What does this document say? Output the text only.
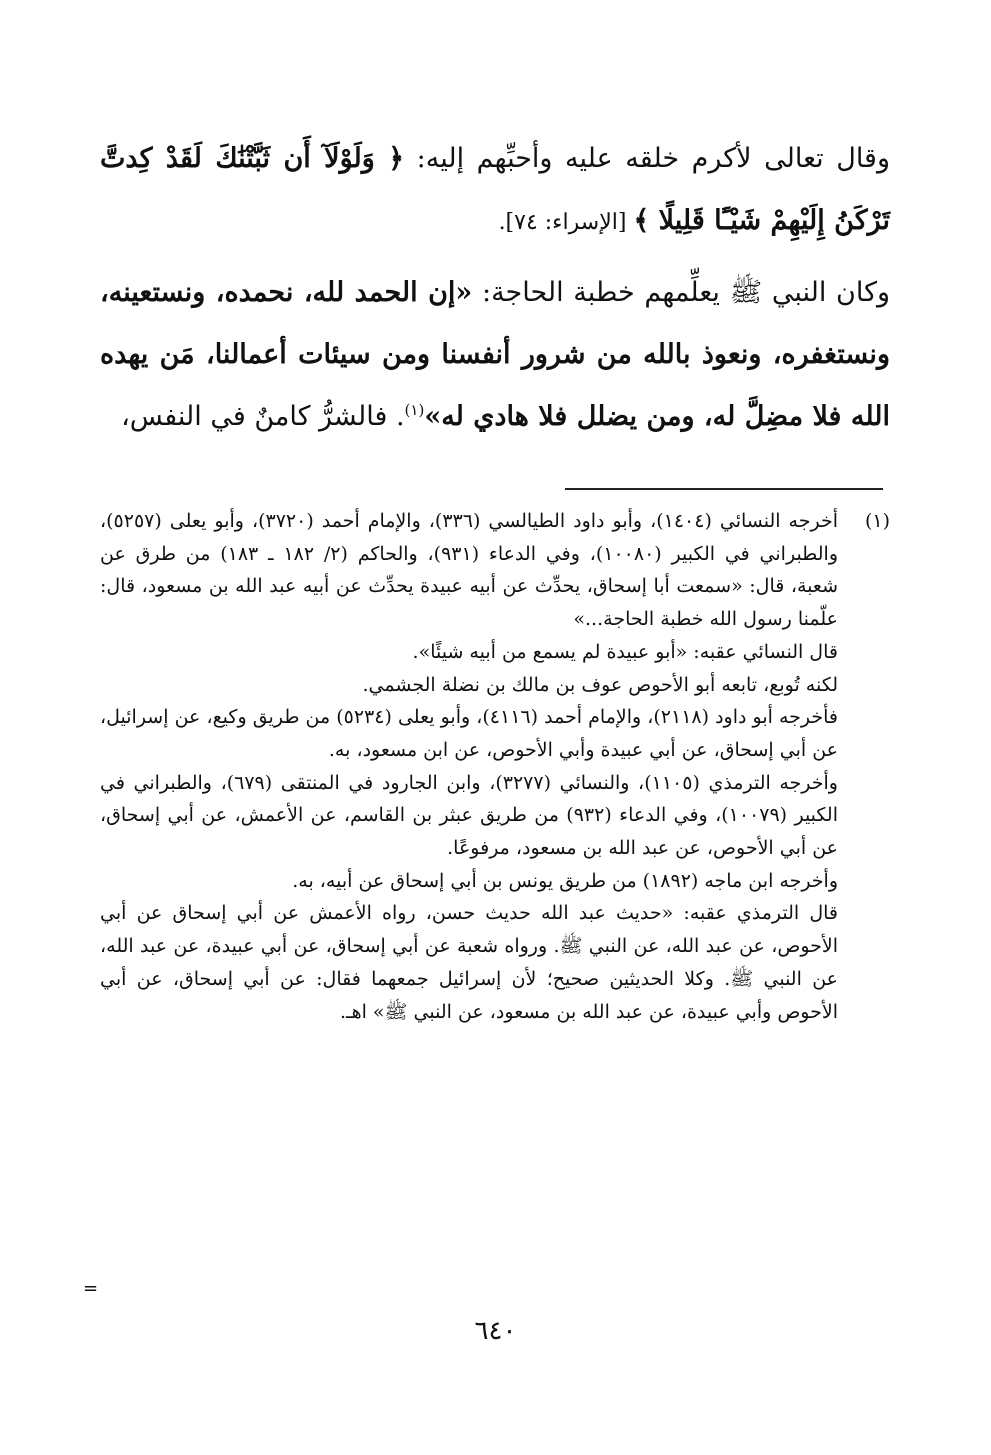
وقال تعالى لأكرم خلقه عليه وأحبِّهم إليه: ﴿ وَلَوْلَآ أَن ثَبَّتْنَٰكَ لَقَدْ كِدتَّ تَرْكَنُ إِلَيْهِمْ شَيْـًٔا قَلِيلًا ﴾ [الإسراء: ٧٤].

وكان النبي ﷺ يعلِّمهم خطبة الحاجة: «إن الحمد لله، نحمده، ونستعينه، ونستغفره، ونعوذ بالله من شرور أنفسنا ومن سيئات أعمالنا، مَن يهده الله فلا مضِلَّ له، ومن يضلل فلا هادي له»$^{(١)}$. فالشرُّ كامنٌ في النفس،

(١)

أخرجه النسائي (١٤٠٤)، وأبو داود الطيالسي (٣٣٦)، والإمام أحمد (٣٧٢٠)، وأبو يعلى (٥٢٥٧)، والطبراني في الكبير (١٠٠٨٠)، وفي الدعاء (٩٣١)، والحاكم (٢/ ١٨٢ ـ ١٨٣) من طرق عن شعبة، قال: «سمعت أبا إسحاق، يحدِّث عن أبيه عبيدة يحدِّث عن أبيه عبد الله بن مسعود، قال: علّمنا رسول الله خطبة الحاجة...»

قال النسائي عقبه: «أبو عبيدة لم يسمع من أبيه شيئًا».

لكنه تُوبع، تابعه أبو الأحوص عوف بن مالك بن نضلة الجشمي.

فأخرجه أبو داود (٢١١٨)، والإمام أحمد (٤١١٦)، وأبو يعلى (٥٢٣٤) من طريق وكيع، عن إسرائيل، عن أبي إسحاق، عن أبي عبيدة وأبي الأحوص، عن ابن مسعود، به.

وأخرجه الترمذي (١١٠٥)، والنسائي (٣٢٧٧)، وابن الجارود في المنتقى (٦٧٩)، والطبراني في الكبير (١٠٠٧٩)، وفي الدعاء (٩٣٢) من طريق عبثر بن القاسم، عن الأعمش، عن أبي إسحاق، عن أبي الأحوص، عن عبد الله بن مسعود، مرفوعًا.

وأخرجه ابن ماجه (١٨٩٢) من طريق يونس بن أبي إسحاق عن أبيه، به.

قال الترمذي عقبه: «حديث عبد الله حديث حسن، رواه الأعمش عن أبي إسحاق عن أبي الأحوص، عن عبد الله، عن النبي ﷺ. ورواه شعبة عن أبي إسحاق، عن أبي عبيدة، عن عبد الله، عن النبي ﷺ. وكلا الحديثين صحيح؛ لأن إسرائيل جمعهما فقال: عن أبي إسحاق، عن أبي الأحوص وأبي عبيدة، عن عبد الله بن مسعود، عن النبي ﷺ» اهـ.

=
٦٤٠
